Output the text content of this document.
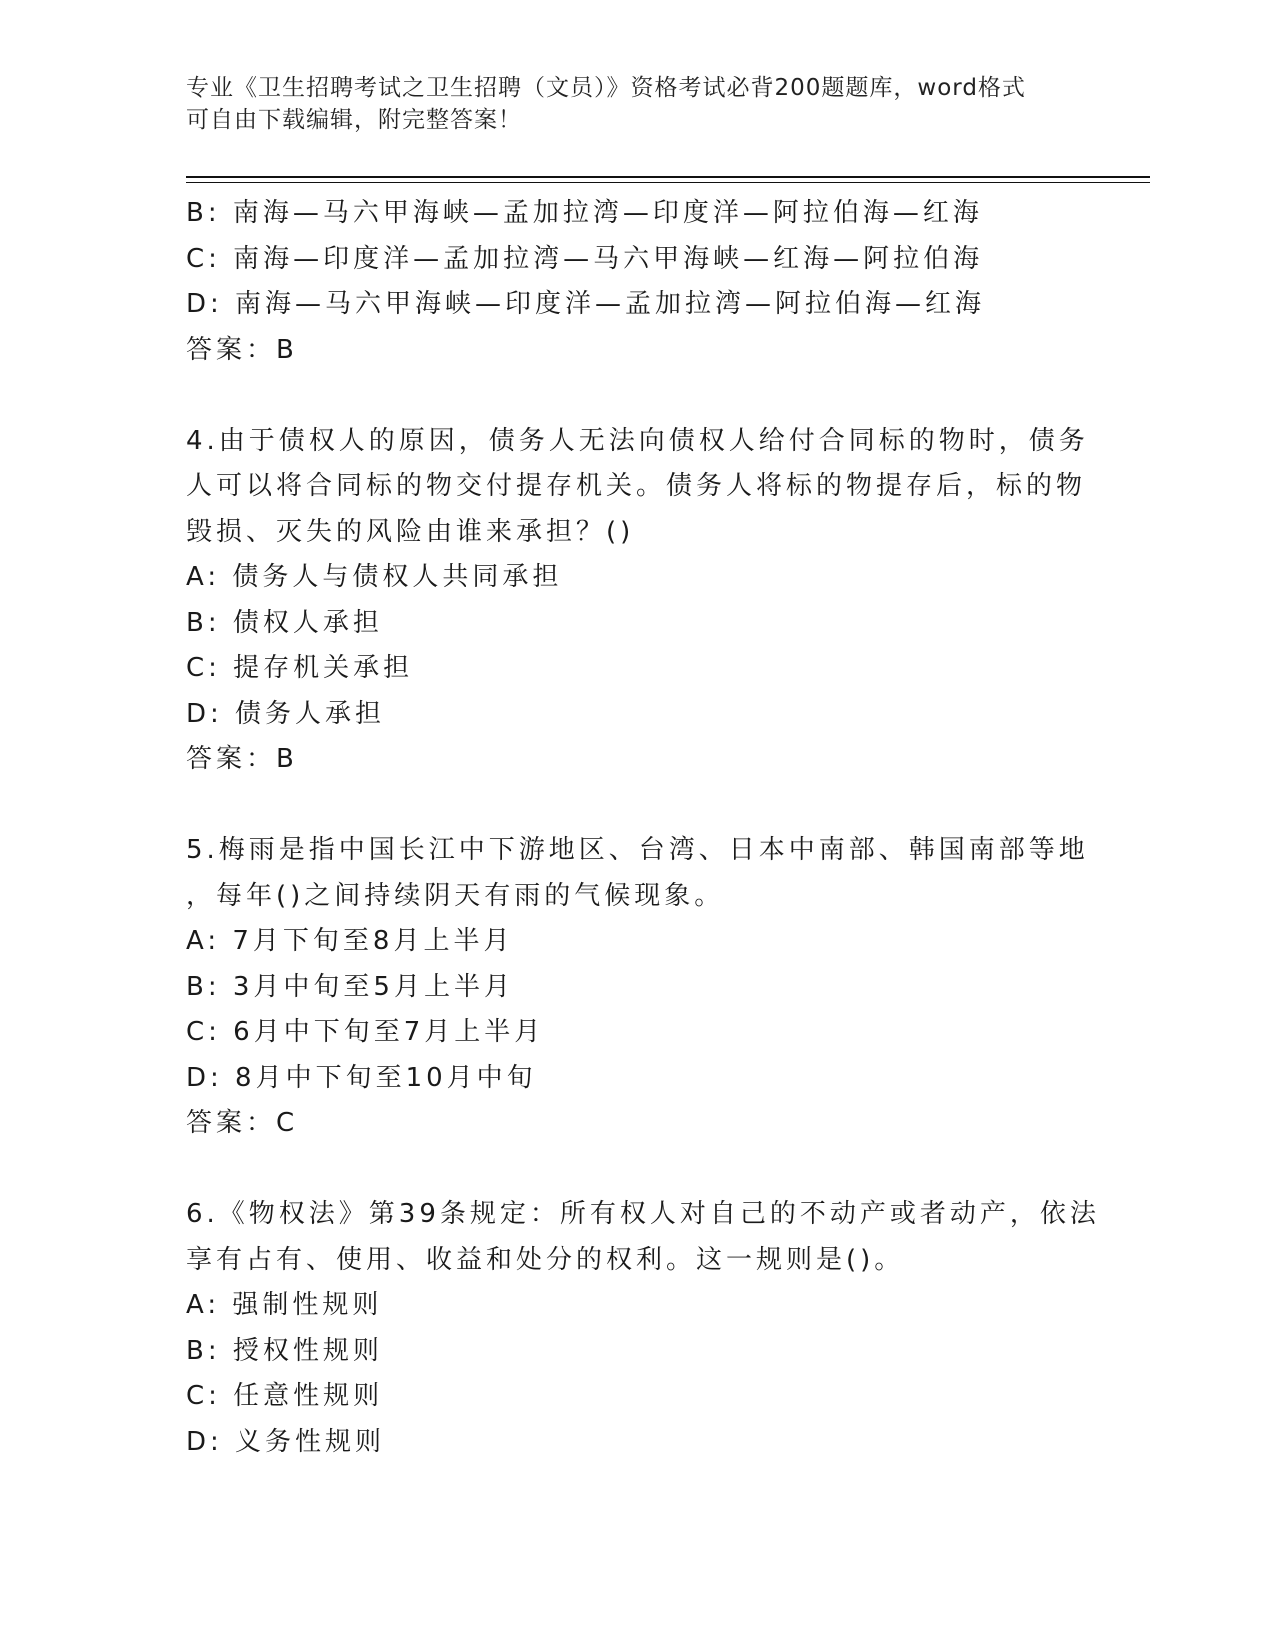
专业《卫生招聘考试之卫生招聘（文员）》资格考试必背200题题库，word格式
可自由下载编辑，附完整答案！
B: 南海—马六甲海峡—孟加拉湾—印度洋—阿拉伯海—红海
C: 南海—印度洋—孟加拉湾—马六甲海峡—红海—阿拉伯海
D: 南海—马六甲海峡—印度洋—孟加拉湾—阿拉伯海—红海
答案：B
4.由于债权人的原因，债务人无法向债权人给付合同标的物时，债务
人可以将合同标的物交付提存机关。债务人将标的物提存后，标的物
毁损、灭失的风险由谁来承担？()
A: 债务人与债权人共同承担
B: 债权人承担
C: 提存机关承担
D: 债务人承担
答案：B
5.梅雨是指中国长江中下游地区、台湾、日本中南部、韩国南部等地
，每年()之间持续阴天有雨的气候现象。
A: 7月下旬至8月上半月
B: 3月中旬至5月上半月
C: 6月中下旬至7月上半月
D: 8月中下旬至10月中旬
答案：C
6.《物权法》第39条规定：所有权人对自己的不动产或者动产，依法
享有占有、使用、收益和处分的权利。这一规则是()。
A: 强制性规则
B: 授权性规则
C: 任意性规则
D: 义务性规则
